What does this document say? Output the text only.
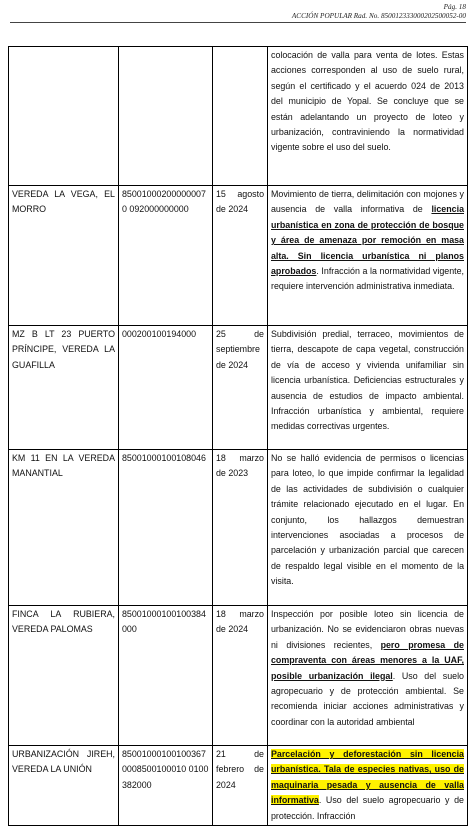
Pág. 18
ACCIÓN POPULAR Rad. No. 850012333000202500052-00
			colocación de valla para venta de lotes. Estas acciones corresponden al uso de suelo rural, según el certificado y el acuerdo 024 de 2013 del municipio de Yopal. Se concluye que se están adelantando un proyecto de loteo y urbanización, contraviniendo la normatividad vigente sobre el uso del suelo.
VEREDA LA VEGA, EL MORRO	850010002000000070 092000000000	15 agosto de 2024	Movimiento de tierra, delimitación con mojones y ausencia de valla informativa de licencia urbanística en zona de protección de bosque y área de amenaza por remoción en masa alta. Sin licencia urbanística ni planos aprobados. Infracción a la normatividad vigente, requiere intervención administrativa inmediata.
MZ B LT 23 PUERTO PRÍNCIPE, VEREDA LA GUAFILLA	000200100194000	25 de septiembre de 2024	Subdivisión predial, terraceo, movimientos de tierra, descapote de capa vegetal, construcción de vía de acceso y vivienda unifamiliar sin licencia urbanística. Deficiencias estructurales y ausencia de estudios de impacto ambiental. Infracción urbanística y ambiental, requiere medidas correctivas urgentes.
KM 11 EN LA VEREDA MANANTIAL	85001000100108046	18 marzo de 2023	No se halló evidencia de permisos o licencias para loteo, lo que impide confirmar la legalidad de las actividades de subdivisión o cualquier trámite relacionado ejecutado en el lugar. En conjunto, los hallazgos demuestran intervenciones asociadas a procesos de parcelación y urbanización parcial que carecen de respaldo legal visible en el momento de la visita.
FINCA LA RUBIERA, VEREDA PALOMAS	85001000100100384000	18 marzo de 2024	Inspección por posible loteo sin licencia de urbanización. No se evidenciaron obras nuevas ni divisiones recientes, pero promesa de compraventa con áreas menores a la UAF, posible urbanización ilegal. Uso del suelo agropecuario y de protección ambiental. Se recomienda iniciar acciones administrativas y coordinar con la autoridad ambiental
URBANIZACIÓN JIREH, VEREDA LA UNIÓN	850010001001003670008500100010 0100382000	21 de febrero de 2024	Parcelación y deforestación sin licencia urbanística. Tala de especies nativas, uso de maquinaria pesada y ausencia de valla informativa. Uso del suelo agropecuario y de protección. Infracción
